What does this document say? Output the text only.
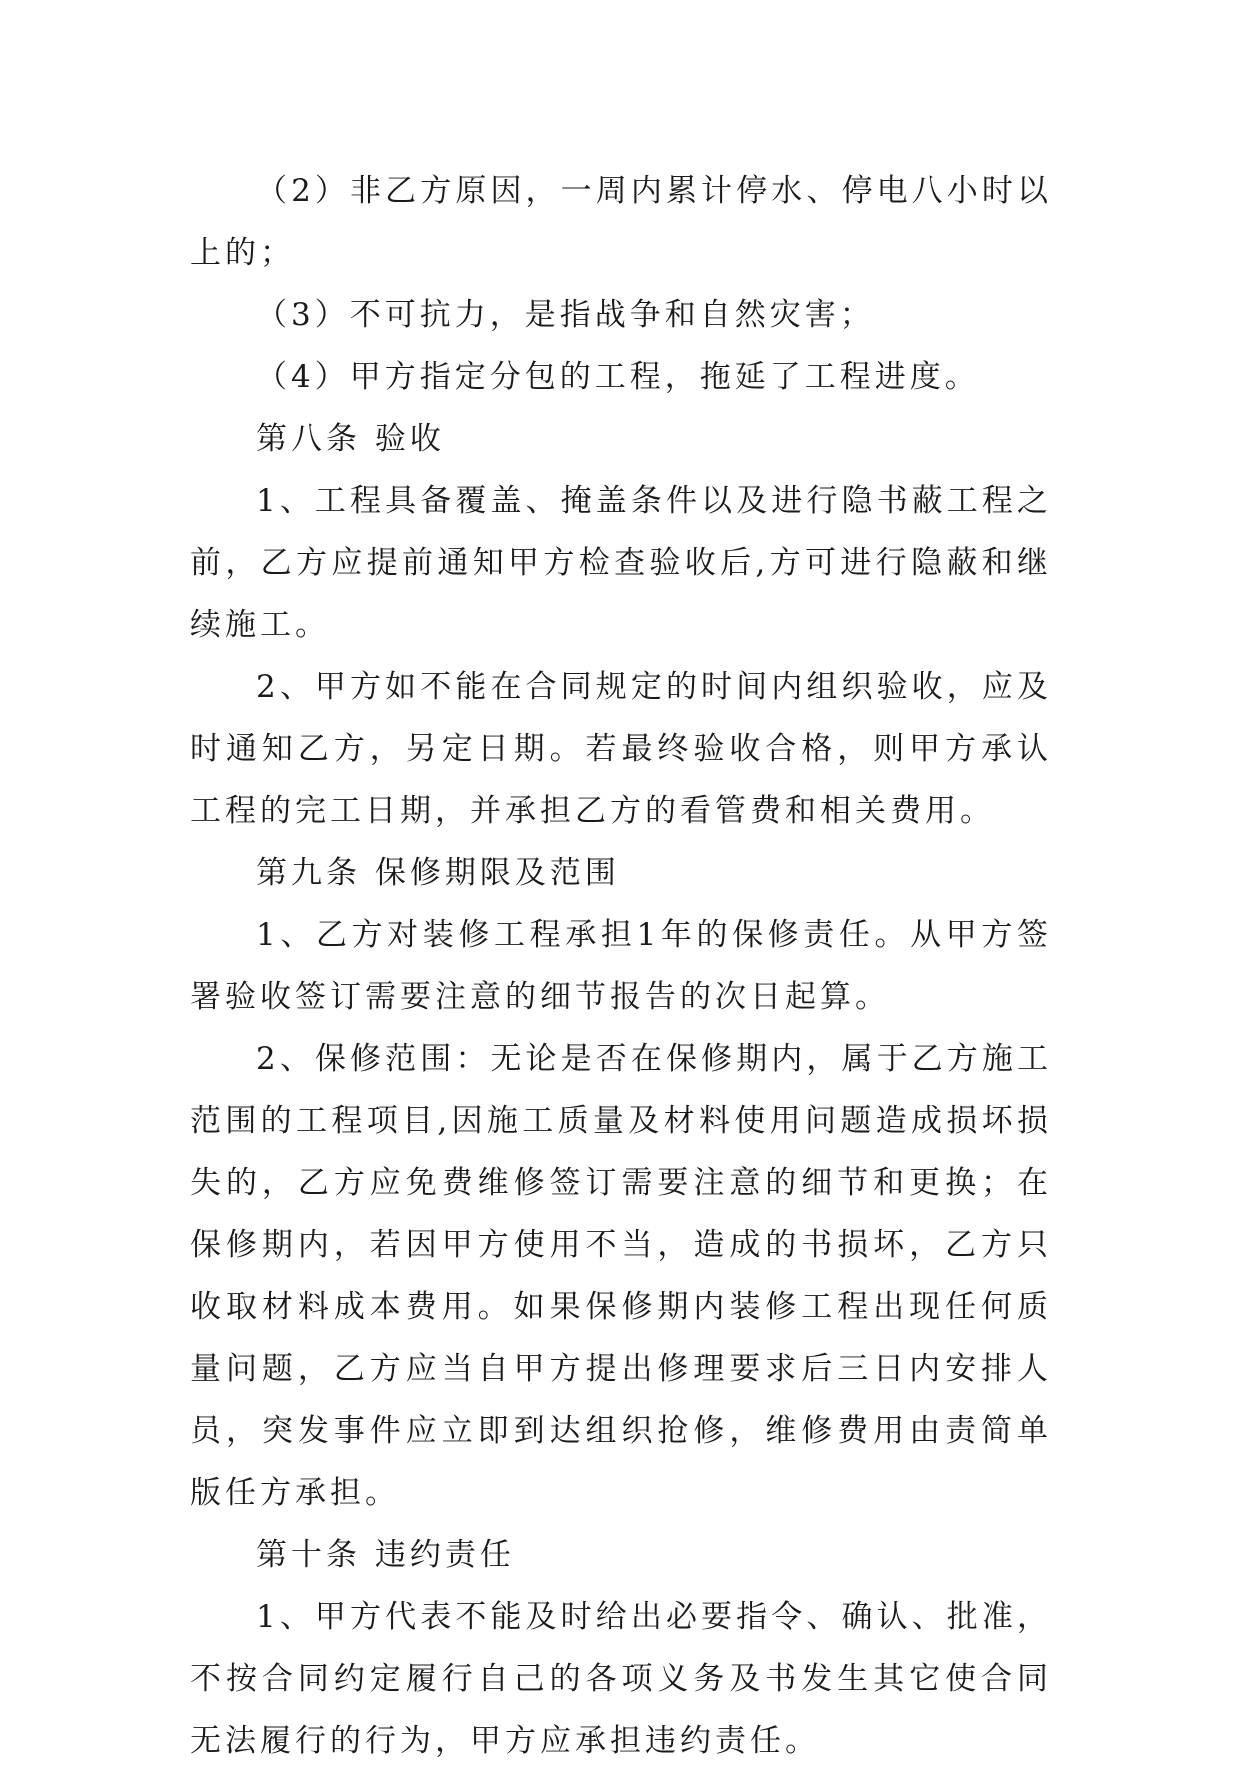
（2）非乙方原因，一周内累计停水、停电八小时以上的；

（3）不可抗力，是指战争和自然灾害；

（4）甲方指定分包的工程，拖延了工程进度。

第八条 验收

1、工程具备覆盖、掩盖条件以及进行隐书蔽工程之前，乙方应提前通知甲方检查验收后,方可进行隐蔽和继续施工。

2、甲方如不能在合同规定的时间内组织验收，应及时通知乙方，另定日期。若最终验收合格，则甲方承认工程的完工日期，并承担乙方的看管费和相关费用。

第九条 保修期限及范围

1、乙方对装修工程承担1年的保修责任。从甲方签署验收签订需要注意的细节报告的次日起算。

2、保修范围：无论是否在保修期内，属于乙方施工范围的工程项目,因施工质量及材料使用问题造成损坏损失的，乙方应免费维修签订需要注意的细节和更换；在保修期内，若因甲方使用不当，造成的书损坏，乙方只收取材料成本费用。如果保修期内装修工程出现任何质量问题，乙方应当自甲方提出修理要求后三日内安排人员，突发事件应立即到达组织抢修，维修费用由责简单版任方承担。

第十条 违约责任

1、甲方代表不能及时给出必要指令、确认、批准，不按合同约定履行自己的各项义务及书发生其它使合同无法履行的行为，甲方应承担违约责任。
